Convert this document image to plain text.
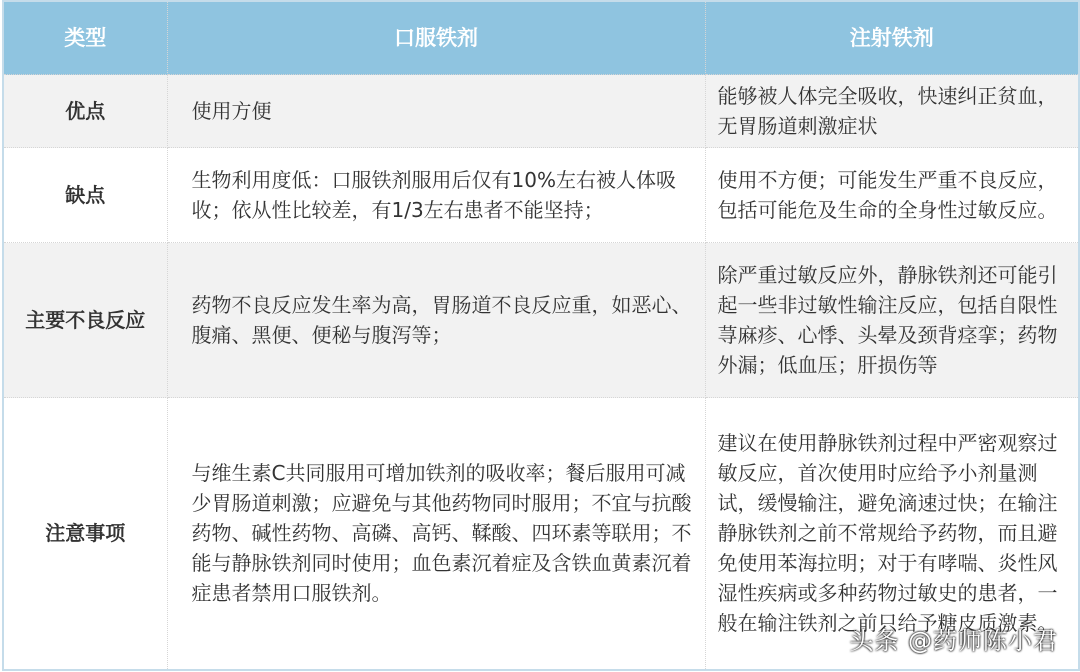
类型	口服铁剂	注射铁剂
优点	使用方便	能够被人体完全吸收，快速纠正贫血，无胃肠道刺激症状
缺点	生物利用度低：口服铁剂服用后仅有10%左右被人体吸收；依从性比较差，有1/3左右患者不能坚持；	使用不方便；可能发生严重不良反应，包括可能危及生命的全身性过敏反应。
主要不良反应	药物不良反应发生率为高，胃肠道不良反应重，如恶心、腹痛、黑便、便秘与腹泻等；	除严重过敏反应外，静脉铁剂还可能引起一些非过敏性输注反应，包括自限性荨麻疹、心悸、头晕及颈背痉挛；药物外漏；低血压；肝损伤等
注意事项	与维生素C共同服用可增加铁剂的吸收率；餐后服用可减少胃肠道刺激；应避免与其他药物同时服用；不宜与抗酸药物、碱性药物、高磷、高钙、鞣酸、四环素等联用；不能与静脉铁剂同时使用；血色素沉着症及含铁血黄素沉着症患者禁用口服铁剂。	建议在使用静脉铁剂过程中严密观察过敏反应，首次使用时应给予小剂量测试，缓慢输注，避免滴速过快；在输注静脉铁剂之前不常规给予药物，而且避免使用苯海拉明；对于有哮喘、炎性风湿性疾病或多种药物过敏史的患者，一般在输注铁剂之前只给予糖皮质激素。
头条 @药师陈小君
